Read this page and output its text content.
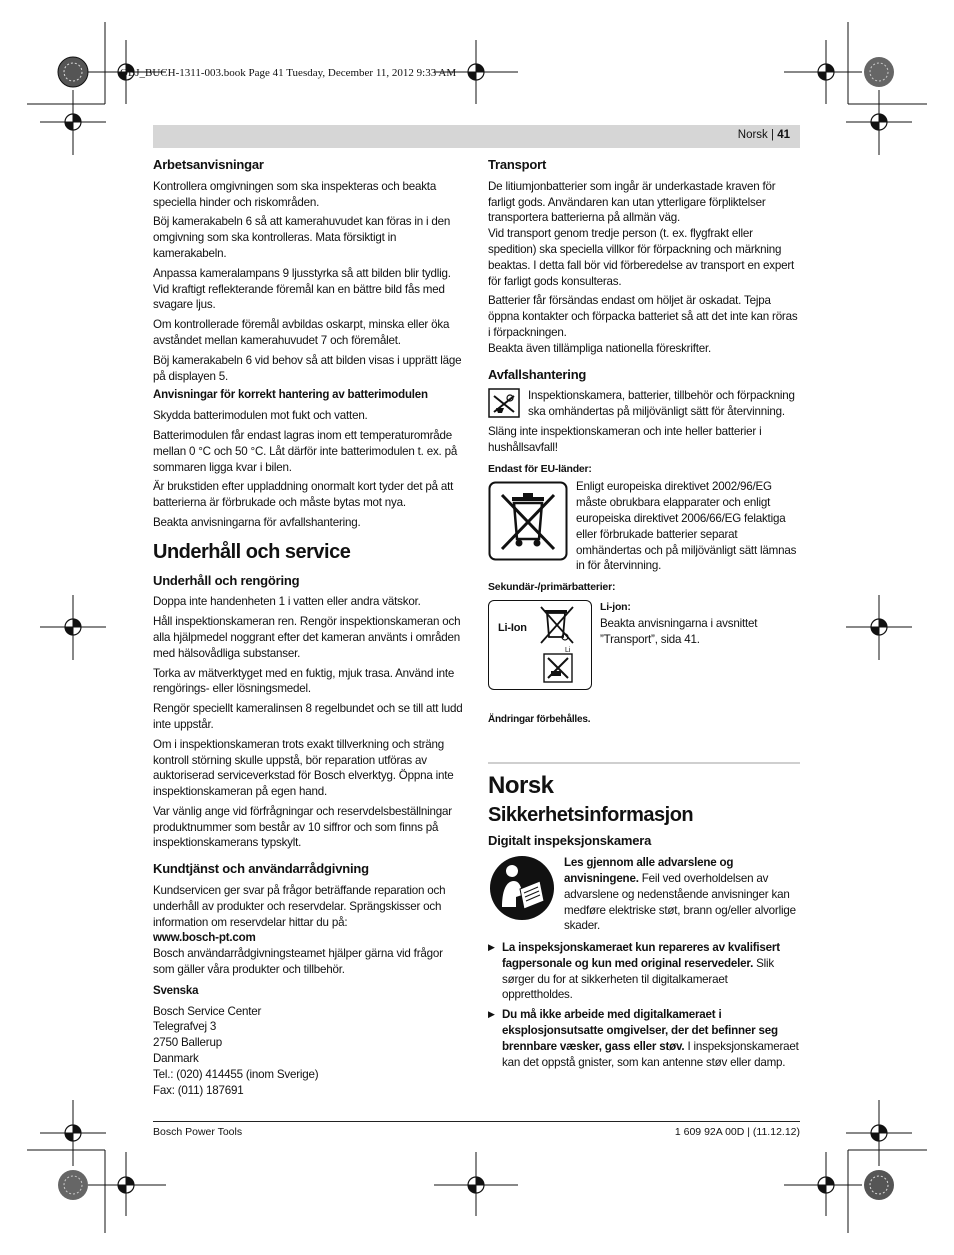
OBJ_BUCH-1311-003.book Page 41 Tuesday, December 11, 2012 9:33 AM
Norsk | 41
Arbetsanvisningar

Kontrollera omgivningen som ska inspekteras och beakta speciella hinder och riskområden.

Böj kamerakabeln 6 så att kamerahuvudet kan föras in i den omgivning som ska kontrolleras. Mata försiktigt in kamerakabeln.

Anpassa kameralampans 9 ljusstyrka så att bilden blir tydlig. Vid kraftigt reflekterande föremål kan en bättre bild fås med svagare ljus.

Om kontrollerade föremål avbildas oskarpt, minska eller öka avståndet mellan kamerahuvudet 7 och föremålet.

Böj kamerakabeln 6 vid behov så att bilden visas i upprätt läge på displayen 5.

Anvisningar för korrekt hantering av batterimodulen

Skydda batterimodulen mot fukt och vatten.

Batterimodulen får endast lagras inom ett temperaturområde mellan 0 °C och 50 °C. Låt därför inte batterimodulen t. ex. på sommaren ligga kvar i bilen.

Är brukstiden efter uppladdning onormalt kort tyder det på att batterierna är förbrukade och måste bytas mot nya.

Beakta anvisningarna för avfallshantering.

Underhåll och service
Underhåll och rengöring

Doppa inte handenheten 1 i vatten eller andra vätskor.

Håll inspektionskameran ren. Rengör inspektionskameran och alla hjälpmedel noggrant efter det kameran använts i områden med hälsovådliga substanser.

Torka av mätverktyget med en fuktig, mjuk trasa. Använd inte rengörings- eller lösningsmedel.

Rengör speciellt kameralinsen 8 regelbundet och se till att ludd inte uppstår.

Om i inspektionskameran trots exakt tillverkning och sträng kontroll störning skulle uppstå, bör reparation utföras av auktoriserad serviceverkstad för Bosch elverktyg. Öppna inte inspektionskameran på egen hand.

Var vänlig ange vid förfrågningar och reservdelsbeställningar produktnummer som består av 10 siffror och som finns på inspektionskamerans typskylt.

Kundtjänst och användarrådgivning

Kundservicen ger svar på frågor beträffande reparation och underhåll av produkter och reservdelar. Sprängskisser och information om reservdelar hittar du på:

www.bosch-pt.com

Bosch användarrådgivningsteamet hjälper gärna vid frågor som gäller våra produkter och tillbehör.

Svenska
Bosch Service Center
Telegrafvej 3
2750 Ballerup
Danmark
Tel.: (020) 414455 (inom Sverige)
Fax: (011) 187691
Transport

De litiumjonbatterier som ingår är underkastade kraven för farligt gods. Användaren kan utan ytterligare förpliktelser transportera batterierna på allmän väg.

Vid transport genom tredje person (t. ex. flygfrakt eller spedition) ska speciella villkor för förpackning och märkning beaktas. I detta fall bör vid förberedelse av transport en expert för farligt gods konsulteras.

Batterier får försändas endast om höljet är oskadat. Tejpa öppna kontakter och förpacka batteriet så att det inte kan röras i förpackningen.

Beakta även tillämpliga nationella föreskrifter.

Avfallshantering
Inspektionskamera, batterier, tillbehör och förpackning ska omhändertas på miljövänligt sätt för återvinning.

Släng inte inspektionskameran och inte heller batterier i hushållsavfall!

Endast för EU-länder:
Enligt europeiska direktivet 2002/96/EG måste obrukbara elapparater och enligt europeiska direktivet 2006/66/EG felaktiga eller förbrukade batterier separat omhändertas och på miljövänligt sätt lämnas in för återvinning.
Sekundär-/primärbatterier:
Li-Ion
Li
Li-jon:
Beakta anvisningarna i avsnittet ”Transport”, sida 41.
Ändringar förbehålles.
Norsk
Sikkerhetsinformasjon
Digitalt inspeksjonskamera
Les gjennom alle advarslene og anvisningene. Feil ved overholdelsen av advarslene og nedenstående anvisninger kan medføre elektriske støt, brann og/eller alvorlige skader.
▶ La inspeksjonskameraet kun repareres av kvalifisert fagpersonale og kun med original reservedeler. Slik sørger du for at sikkerheten til digitalkameraet opprettholdes.
▶ Du må ikke arbeide med digitalkameraet i eksplosjonsutsatte omgivelser, der det befinner seg brennbare væsker, gass eller støv. I inspeksjonskameraet kan det oppstå gnister, som kan antenne støv eller damp.
Bosch Power Tools	1 609 92A 00D | (11.12.12)
